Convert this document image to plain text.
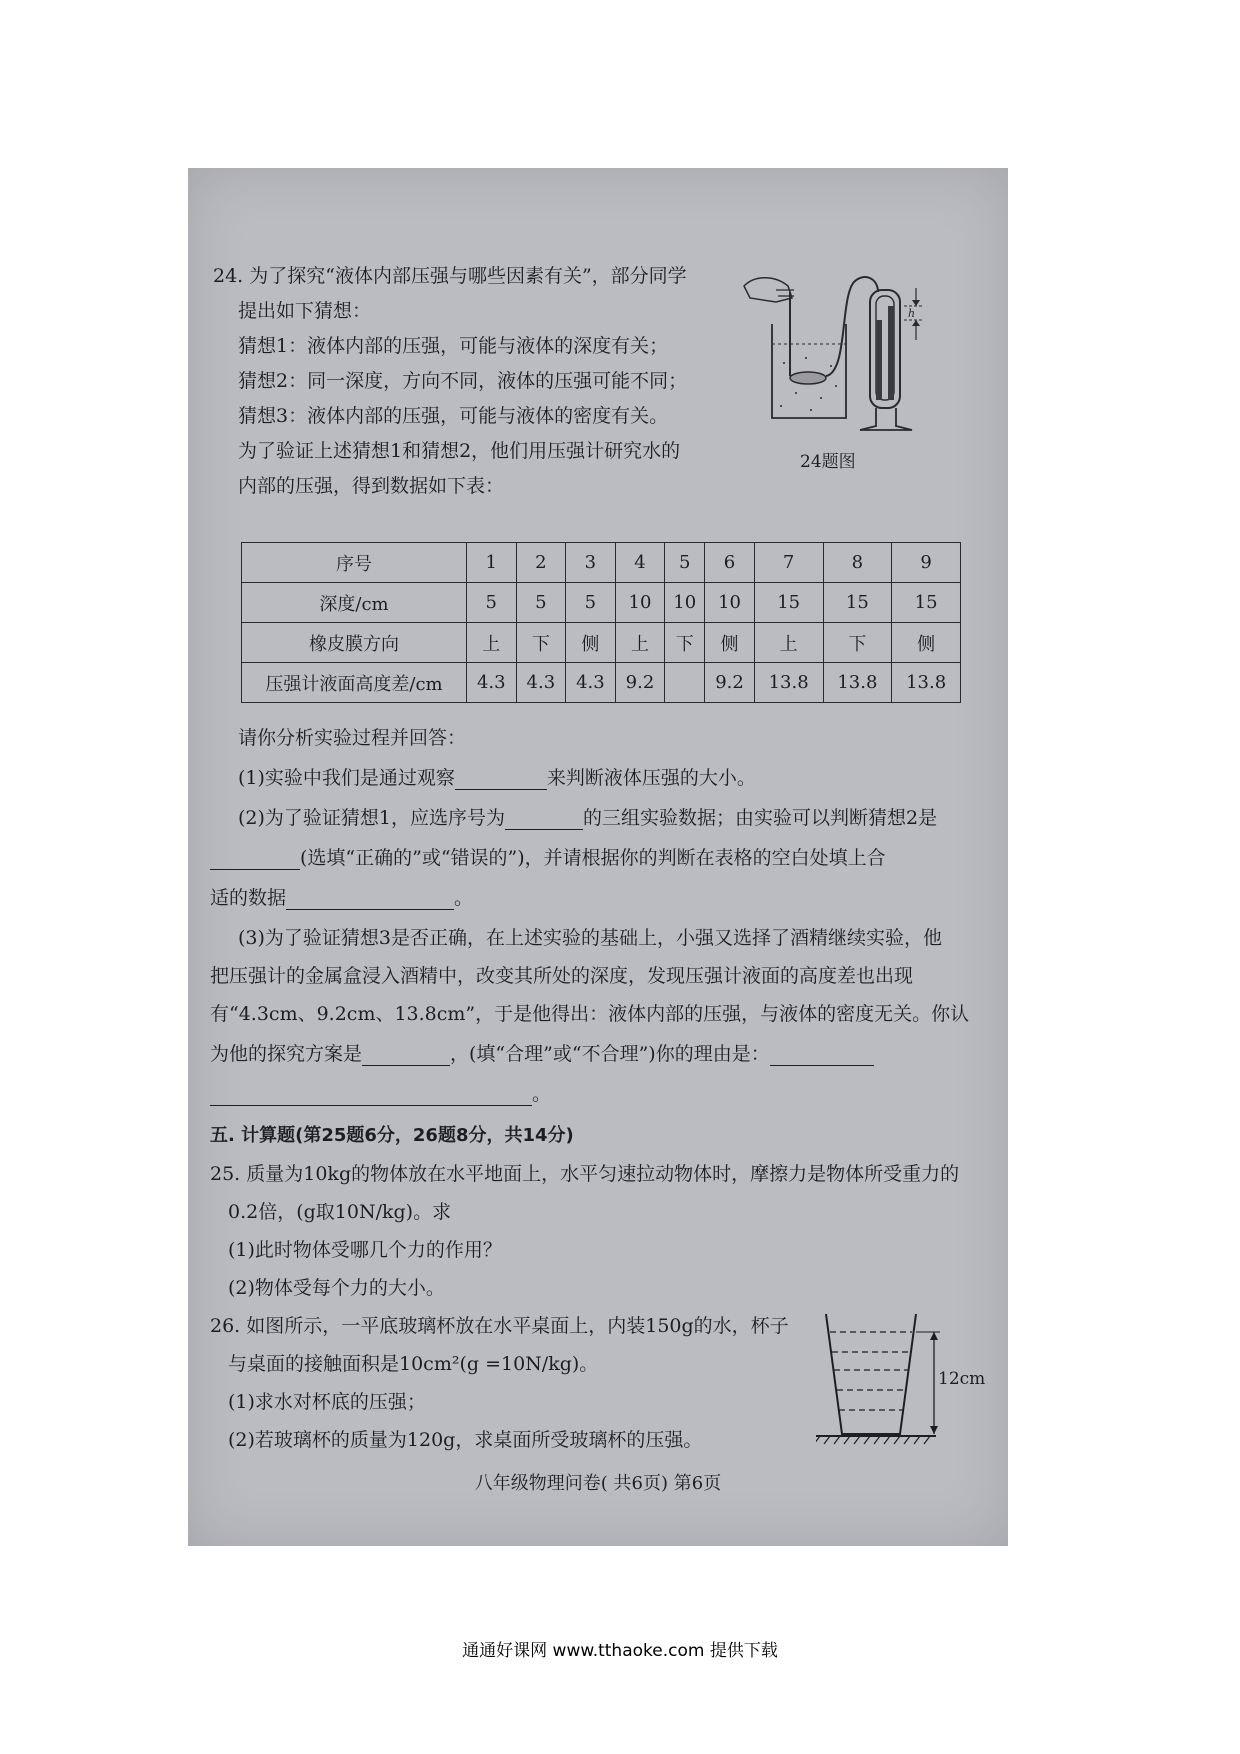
24. 为了探究“液体内部压强与哪些因素有关”，部分同学
提出如下猜想：
猜想1：液体内部的压强，可能与液体的深度有关；
猜想2：同一深度，方向不同，液体的压强可能不同；
猜想3：液体内部的压强，可能与液体的密度有关。
为了验证上述猜想1和猜想2，他们用压强计研究水的
内部的压强，得到数据如下表：
h
24题图
序号	1	2	3	4	5	6	7	8	9
深度/cm	5	5	5	10	10	10	15	15	15
橡皮膜方向	上	下	侧	上	下	侧	上	下	侧
压强计液面高度差/cm	4.3	4.3	4.3	9.2		9.2	13.8	13.8	13.8
请你分析实验过程并回答：
(1)实验中我们是通过观察	来判断液体压强的大小。
(2)为了验证猜想1，应选序号为	的三组实验数据；由实验可以判断猜想2是
(选填“正确的”或“错误的”)，并请根据你的判断在表格的空白处填上合
适的数据	。
(3)为了验证猜想3是否正确，在上述实验的基础上，小强又选择了酒精继续实验，他
把压强计的金属盒浸入酒精中，改变其所处的深度，发现压强计液面的高度差也出现
有“4.3cm、9.2cm、13.8cm”，于是他得出：液体内部的压强，与液体的密度无关。你认
为他的探究方案是	，(填“合理”或“不合理”)你的理由是：
。
五. 计算题(第25题6分，26题8分，共14分)
25. 质量为10kg的物体放在水平地面上，水平匀速拉动物体时，摩擦力是物体所受重力的
0.2倍，(g取10N/kg)。求
(1)此时物体受哪几个力的作用？
(2)物体受每个力的大小。
26. 如图所示，一平底玻璃杯放在水平桌面上，内装150g的水，杯子
与桌面的接触面积是10cm²(g =10N/kg)。
(1)求水对杯底的压强；
(2)若玻璃杯的质量为120g，求桌面所受玻璃杯的压强。
12cm
八年级物理问卷( 共6页) 第6页
通通好课网 www.tthaoke.com 提供下载
